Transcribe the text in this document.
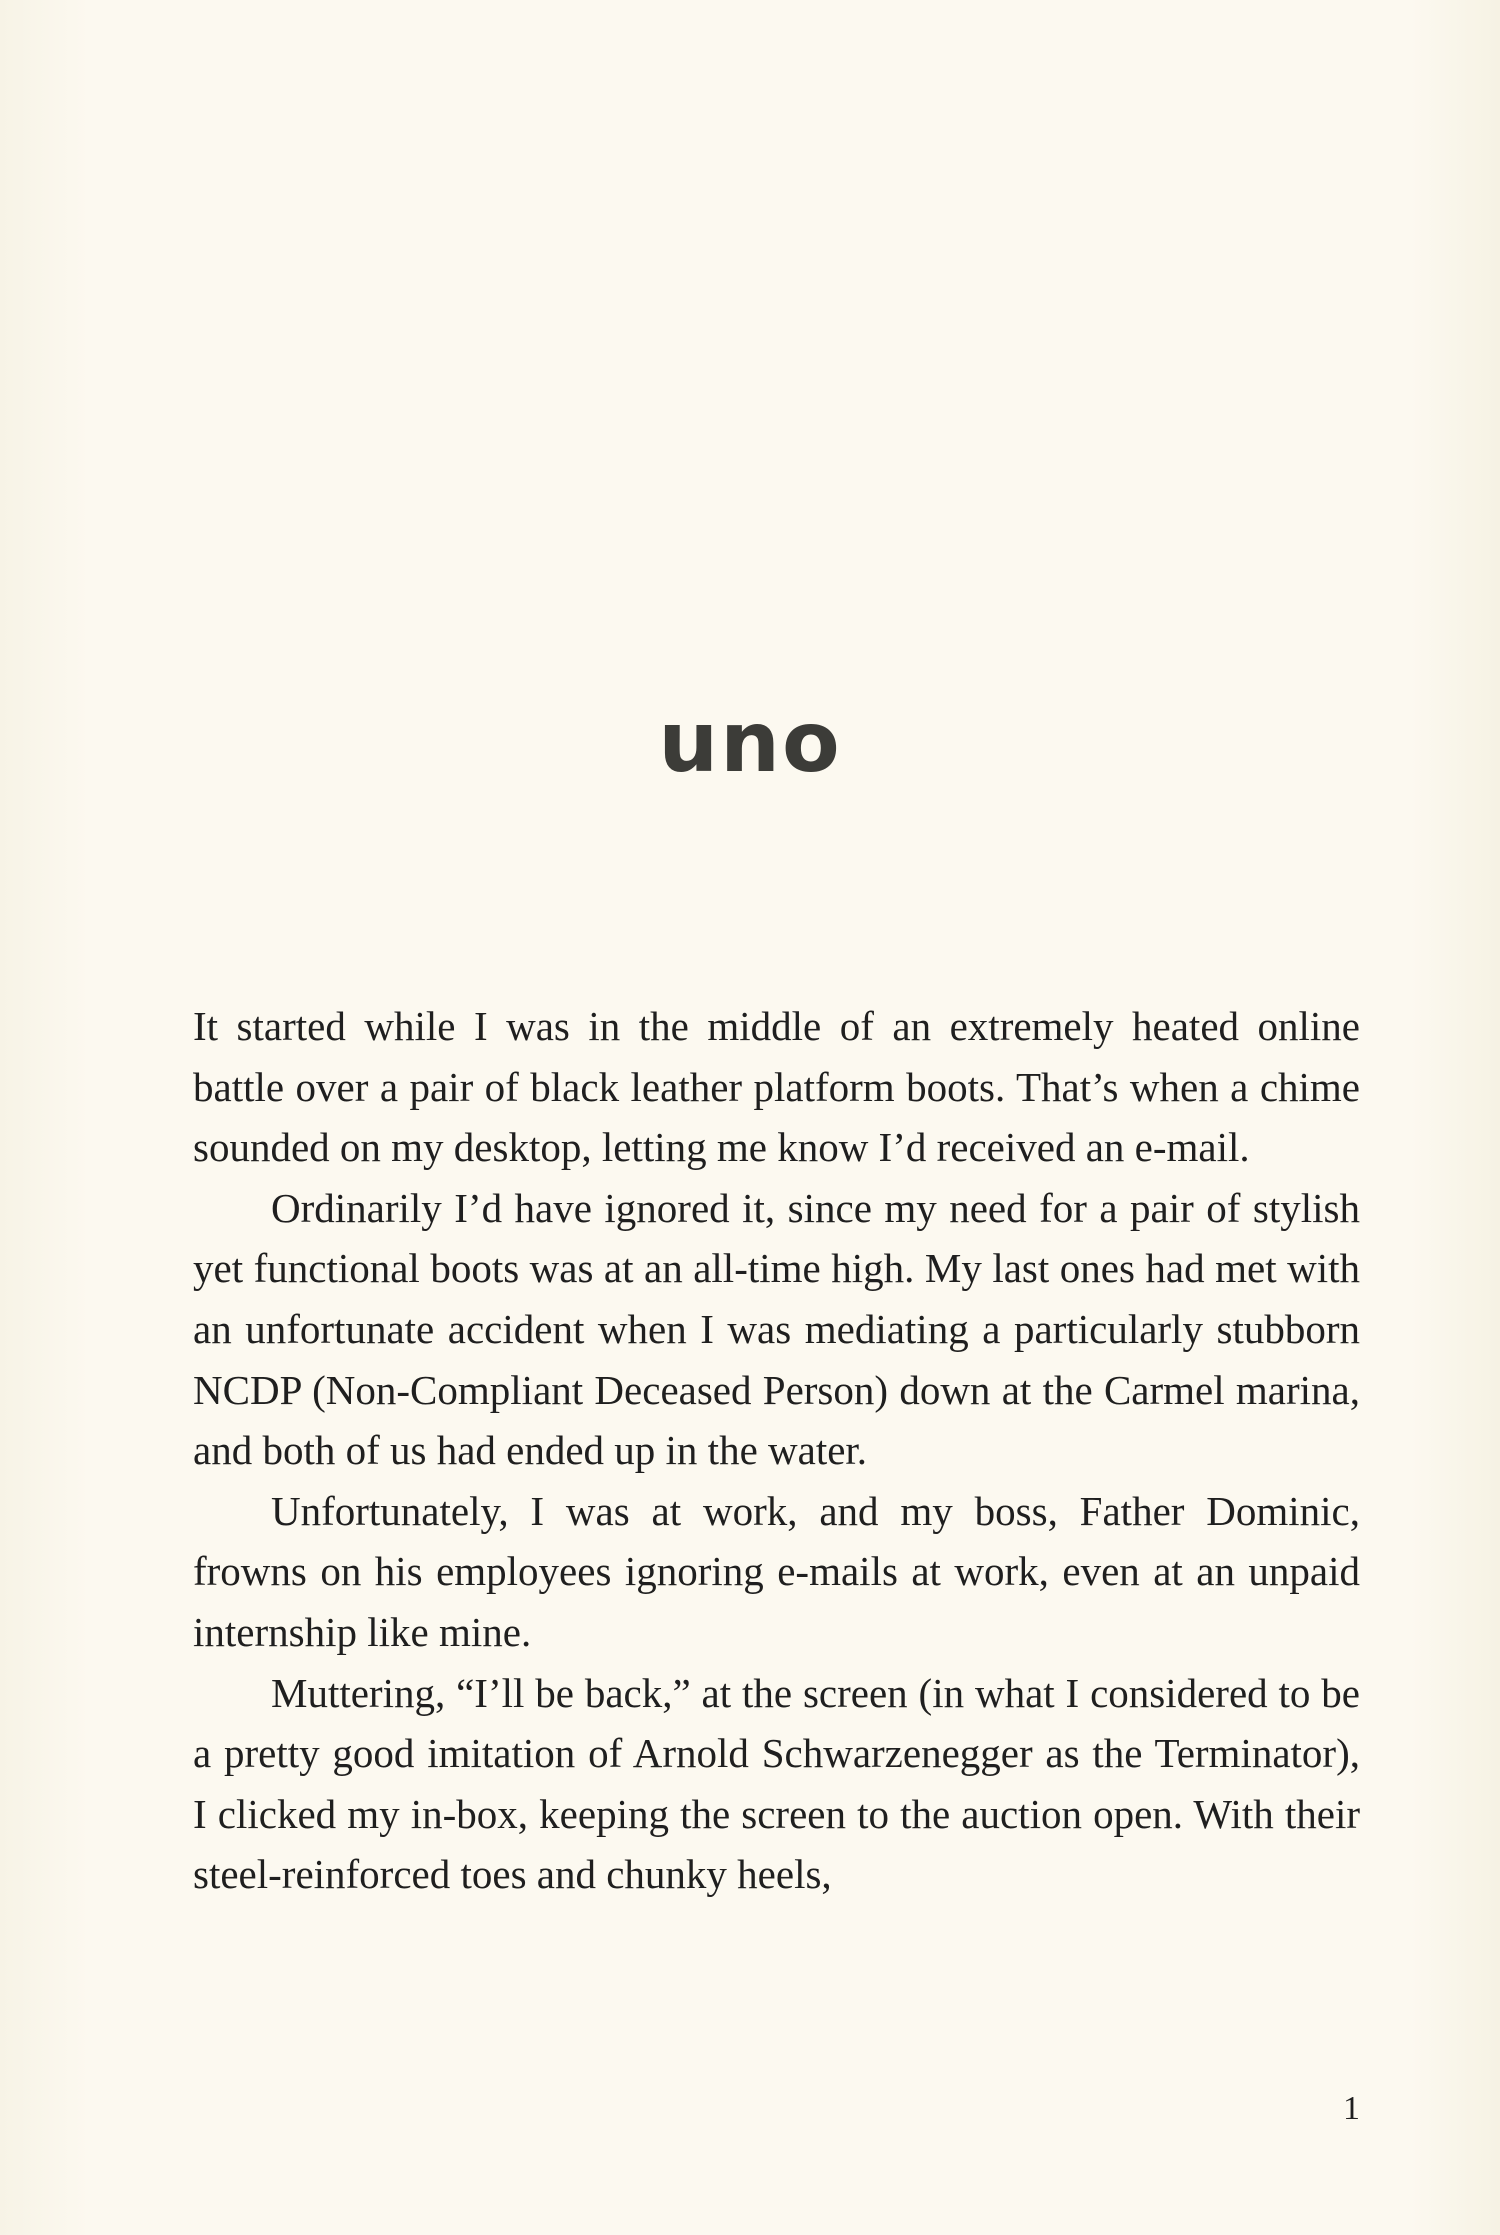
uno

It started while I was in the middle of an extremely heated online battle over a pair of black leather platform boots. That’s when a chime sounded on my desktop, letting me know I’d received an e-mail.

Ordinarily I’d have ignored it, since my need for a pair of stylish yet functional boots was at an all-time high. My last ones had met with an unfortunate accident when I was mediating a particularly stubborn NCDP (Non-Compliant Deceased Person) down at the Carmel marina, and both of us had ended up in the water.

Unfortunately, I was at work, and my boss, Father Dominic, frowns on his employees ignoring e-mails at work, even at an unpaid internship like mine.

Muttering, “I’ll be back,” at the screen (in what I considered to be a pretty good imitation of Arnold Schwarzenegger as the Terminator), I clicked my in-box, keeping the screen to the auction open. With their steel-reinforced toes and chunky heels,

1
